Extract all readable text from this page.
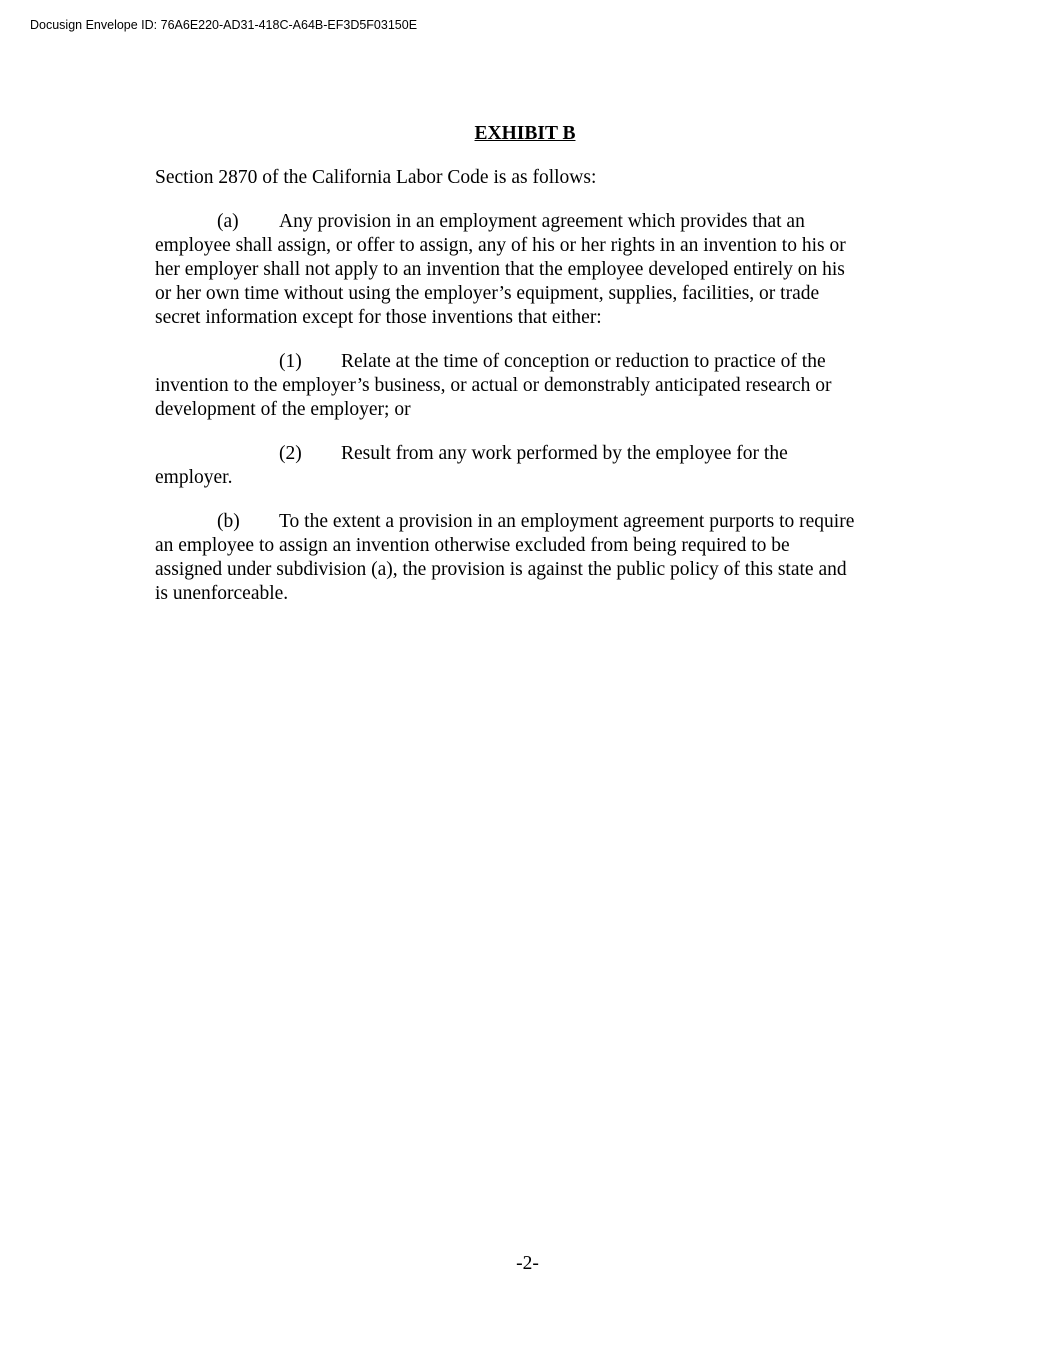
Docusign Envelope ID: 76A6E220-AD31-418C-A64B-EF3D5F03150E
EXHIBIT B
Section 2870 of the California Labor Code is as follows:
(a) Any provision in an employment agreement which provides that an
employee shall assign, or offer to assign, any of his or her rights in an invention to his or
her employer shall not apply to an invention that the employee developed entirely on his
or her own time without using the employer’s equipment, supplies, facilities, or trade
secret information except for those inventions that either:
(1) Relate at the time of conception or reduction to practice of the
invention to the employer’s business, or actual or demonstrably anticipated research or
development of the employer; or
(2) Result from any work performed by the employee for the
employer.
(b) To the extent a provision in an employment agreement purports to require
an employee to assign an invention otherwise excluded from being required to be
assigned under subdivision (a), the provision is against the public policy of this state and
is unenforceable.
-2-
